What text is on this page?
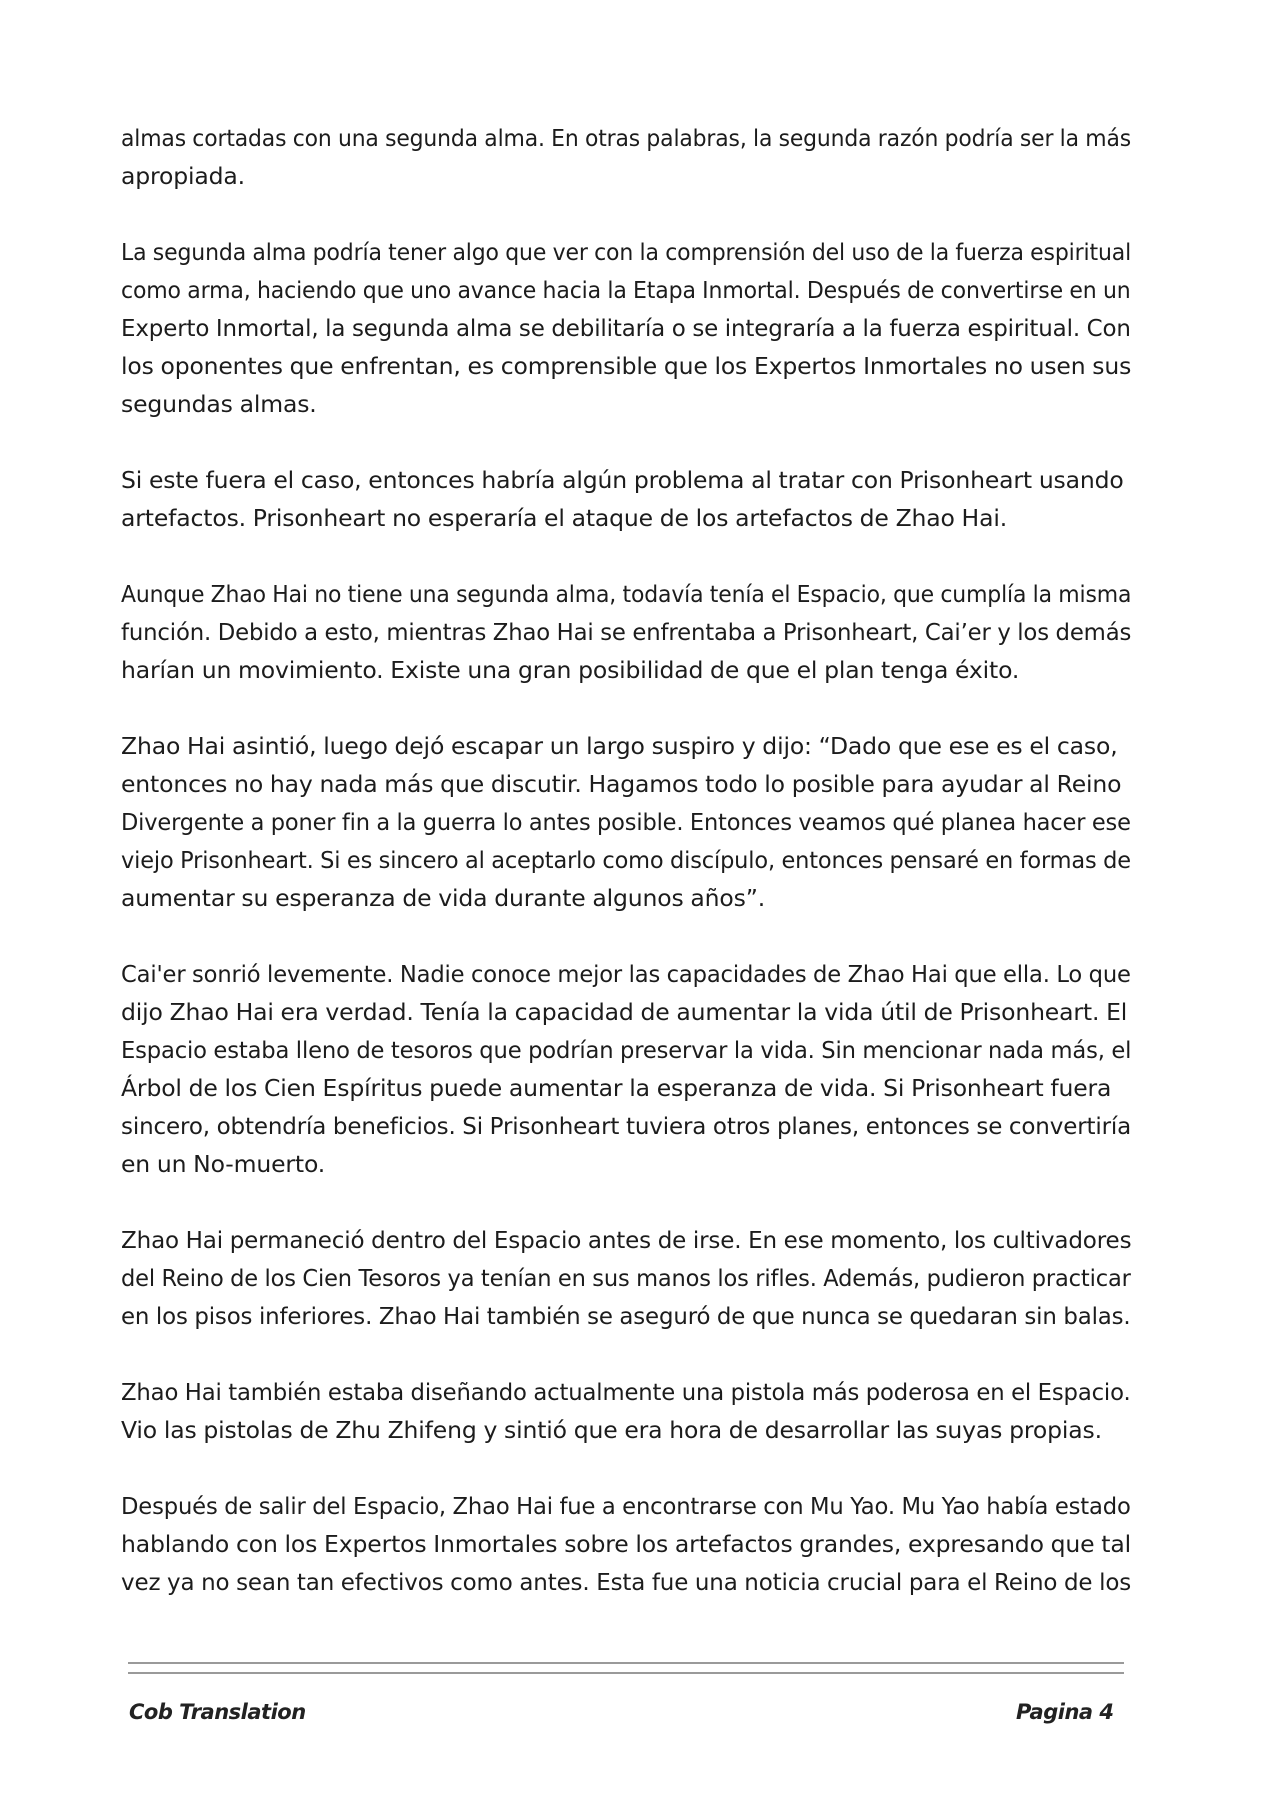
almas cortadas con una segunda alma. En otras palabras, la segunda razón podría ser la más
apropiada.

La segunda alma podría tener algo que ver con la comprensión del uso de la fuerza espiritual
como arma, haciendo que uno avance hacia la Etapa Inmortal. Después de convertirse en un
Experto Inmortal, la segunda alma se debilitaría o se integraría a la fuerza espiritual. Con
los oponentes que enfrentan, es comprensible que los Expertos Inmortales no usen sus
segundas almas.

Si este fuera el caso, entonces habría algún problema al tratar con Prisonheart usando
artefactos. Prisonheart no esperaría el ataque de los artefactos de Zhao Hai.

Aunque Zhao Hai no tiene una segunda alma, todavía tenía el Espacio, que cumplía la misma
función. Debido a esto, mientras Zhao Hai se enfrentaba a Prisonheart, Cai’er y los demás
harían un movimiento. Existe una gran posibilidad de que el plan tenga éxito.

Zhao Hai asintió, luego dejó escapar un largo suspiro y dijo: “Dado que ese es el caso,
entonces no hay nada más que discutir. Hagamos todo lo posible para ayudar al Reino
Divergente a poner fin a la guerra lo antes posible. Entonces veamos qué planea hacer ese
viejo Prisonheart. Si es sincero al aceptarlo como discípulo, entonces pensaré en formas de
aumentar su esperanza de vida durante algunos años”.

Cai'er sonrió levemente. Nadie conoce mejor las capacidades de Zhao Hai que ella. Lo que
dijo Zhao Hai era verdad. Tenía la capacidad de aumentar la vida útil de Prisonheart. El
Espacio estaba lleno de tesoros que podrían preservar la vida. Sin mencionar nada más, el
Árbol de los Cien Espíritus puede aumentar la esperanza de vida. Si Prisonheart fuera
sincero, obtendría beneficios. Si Prisonheart tuviera otros planes, entonces se convertiría
en un No-muerto.

Zhao Hai permaneció dentro del Espacio antes de irse. En ese momento, los cultivadores
del Reino de los Cien Tesoros ya tenían en sus manos los rifles. Además, pudieron practicar
en los pisos inferiores. Zhao Hai también se aseguró de que nunca se quedaran sin balas.

Zhao Hai también estaba diseñando actualmente una pistola más poderosa en el Espacio.
Vio las pistolas de Zhu Zhifeng y sintió que era hora de desarrollar las suyas propias.

Después de salir del Espacio, Zhao Hai fue a encontrarse con Mu Yao. Mu Yao había estado
hablando con los Expertos Inmortales sobre los artefactos grandes, expresando que tal
vez ya no sean tan efectivos como antes. Esta fue una noticia crucial para el Reino de los

Cob Translation	Pagina 4
